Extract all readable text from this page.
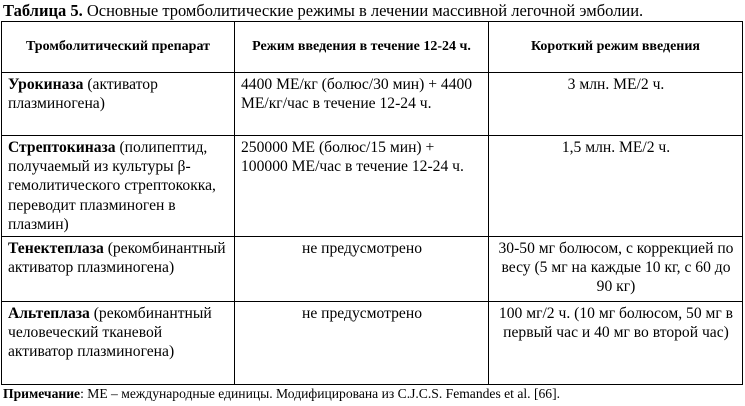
Таблица 5. Основные тромболитические режимы в лечении массивной легочной эмболии.
Тромболитический препарат	Режим введения в течение 12-24 ч.	Короткий режим введения
Урокиназа (активатор плазминогена)	4400 МЕ/кг (болюс/30 мин) + 4400 МЕ/кг/час в течение 12-24 ч.	3 млн. МЕ/2 ч.
Стрептокиназа (полипептид, получаемый из культуры β-гемолитического стрептококка, переводит плазминоген в плазмин)	250000 МЕ (болюс/15 мин) + 100000 МЕ/час в течение 12-24 ч.	1,5 млн. МЕ/2 ч.
Тенектеплаза (рекомбинантный активатор плазминогена)	не предусмотрено	30-50 мг болюсом, с коррекцией по весу (5 мг на каждые 10 кг, с 60 до 90 кг)
Альтеплаза (рекомбинантный человеческий тканевой активатор плазминогена)	не предусмотрено	100 мг/2 ч. (10 мг болюсом, 50 мг в первый час и 40 мг во второй час)
Примечание: МЕ – международные единицы. Модифицирована из C.J.C.S. Femandes et al. [66].
